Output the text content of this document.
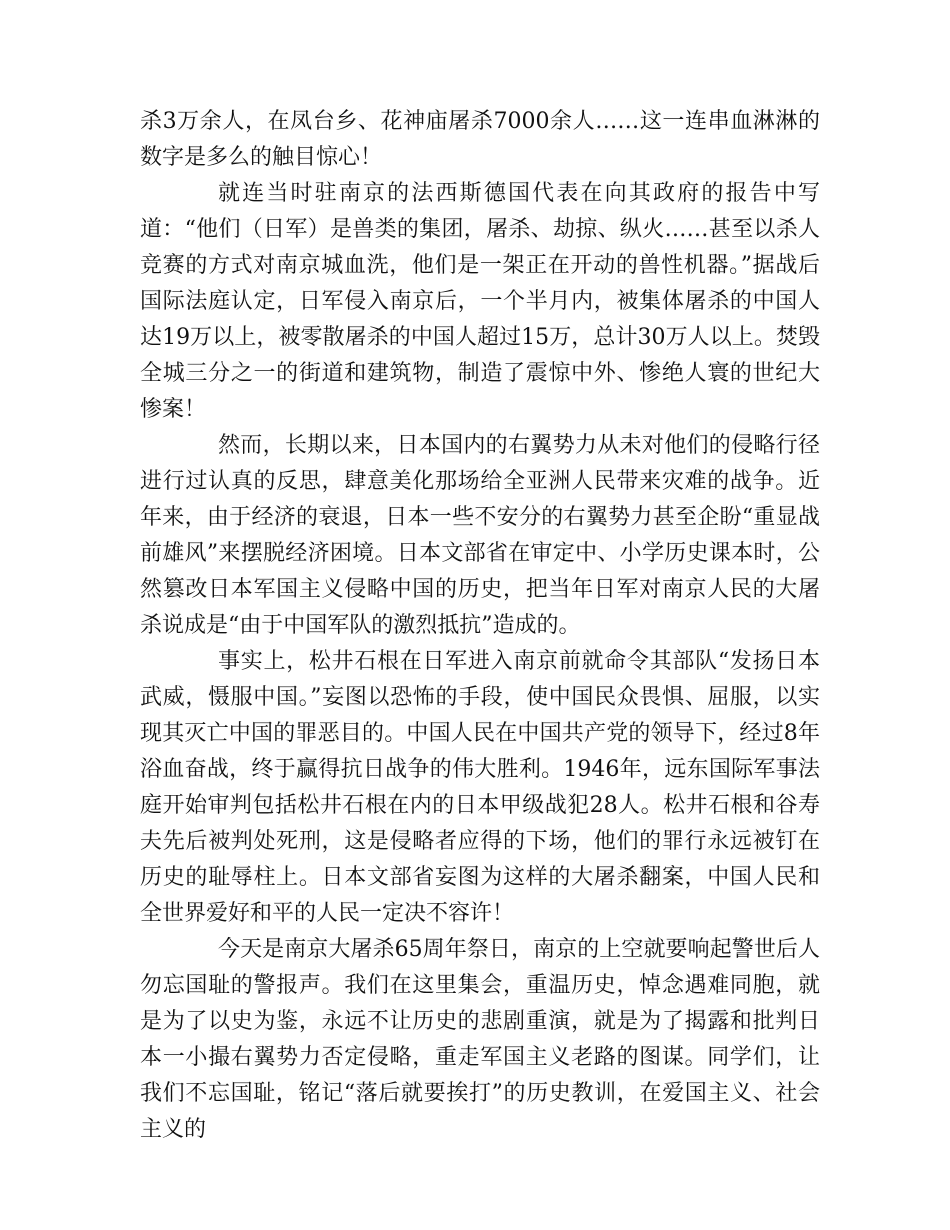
杀3万余人，在凤台乡、花神庙屠杀7000余人……这一连串血淋淋的数字是多么的触目惊心！

就连当时驻南京的法西斯德国代表在向其政府的报告中写道：“他们（日军）是兽类的集团，屠杀、劫掠、纵火……甚至以杀人竞赛的方式对南京城血洗，他们是一架正在开动的兽性机器。”据战后国际法庭认定，日军侵入南京后，一个半月内，被集体屠杀的中国人达19万以上，被零散屠杀的中国人超过15万，总计30万人以上。焚毁全城三分之一的街道和建筑物，制造了震惊中外、惨绝人寰的世纪大惨案！

然而，长期以来，日本国内的右翼势力从未对他们的侵略行径进行过认真的反思，肆意美化那场给全亚洲人民带来灾难的战争。近年来，由于经济的衰退，日本一些不安分的右翼势力甚至企盼“重显战前雄风”来摆脱经济困境。日本文部省在审定中、小学历史课本时，公然篡改日本军国主义侵略中国的历史，把当年日军对南京人民的大屠杀说成是“由于中国军队的激烈抵抗”造成的。

事实上，松井石根在日军进入南京前就命令其部队“发扬日本武威，慑服中国。”妄图以恐怖的手段，使中国民众畏惧、屈服，以实现其灭亡中国的罪恶目的。中国人民在中国共产党的领导下，经过8年浴血奋战，终于赢得抗日战争的伟大胜利。1946年，远东国际军事法庭开始审判包括松井石根在内的日本甲级战犯28人。松井石根和谷寿夫先后被判处死刑，这是侵略者应得的下场，他们的罪行永远被钉在历史的耻辱柱上。日本文部省妄图为这样的大屠杀翻案，中国人民和全世界爱好和平的人民一定决不容许！

今天是南京大屠杀65周年祭日，南京的上空就要响起警世后人勿忘国耻的警报声。我们在这里集会，重温历史，悼念遇难同胞，就是为了以史为鉴，永远不让历史的悲剧重演，就是为了揭露和批判日本一小撮右翼势力否定侵略，重走军国主义老路的图谋。同学们，让我们不忘国耻，铭记“落后就要挨打”的历史教训，在爱国主义、社会主义的
